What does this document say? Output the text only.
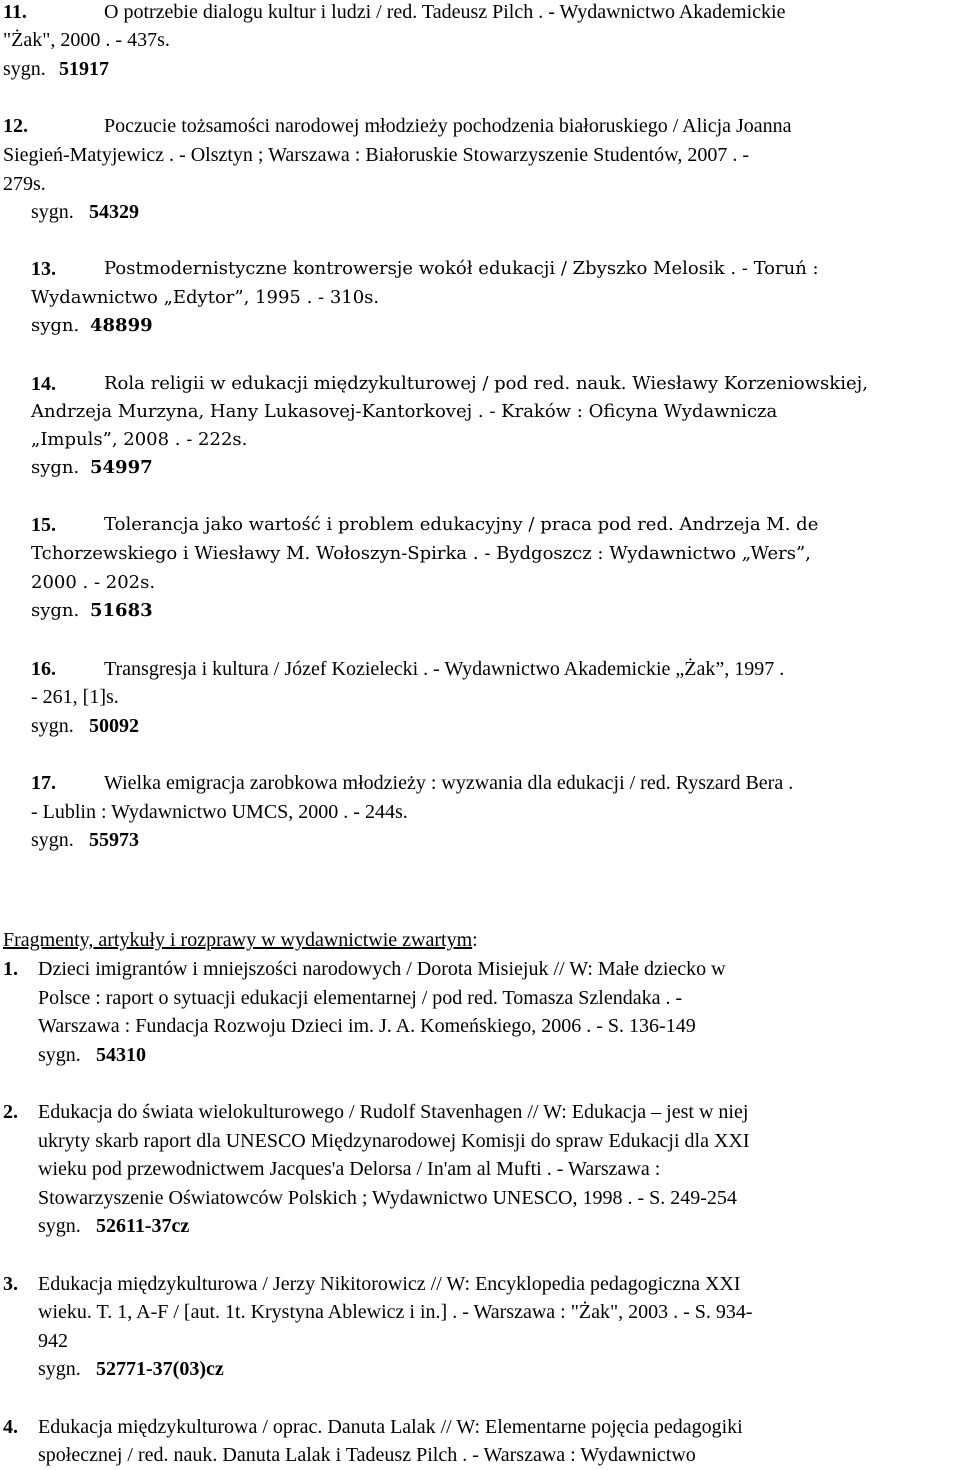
11.	O potrzebie dialogu kultur i ludzi / red. Tadeusz Pilch . - Wydawnictwo Akademickie
"Żak", 2000 . - 437s.
sygn. 51917
12.	Poczucie tożsamości narodowej młodzieży pochodzenia białoruskiego / Alicja Joanna
Siegień-Matyjewicz . - Olsztyn ; Warszawa : Białoruskie Stowarzyszenie Studentów, 2007 . -
279s.
sygn. 54329
13.	Postmodernistyczne kontrowersje wokół edukacji / Zbyszko Melosik . - Toruń :
Wydawnictwo „Edytor”, 1995 . - 310s.
sygn. 48899
14.	Rola religii w edukacji międzykulturowej / pod red. nauk. Wiesławy Korzeniowskiej,
Andrzeja Murzyna, Hany Lukasovej-Kantorkovej . - Kraków : Oficyna Wydawnicza
„Impuls”, 2008 . - 222s.
sygn. 54997
15.	Tolerancja jako wartość i problem edukacyjny / praca pod red. Andrzeja M. de
Tchorzewskiego i Wiesławy M. Wołoszyn-Spirka . - Bydgoszcz : Wydawnictwo „Wers”,
2000 . - 202s.
sygn. 51683
16. Transgresja i kultura / Józef Kozielecki . - Wydawnictwo Akademickie „Żak”, 1997 .
- 261, [1]s.
sygn. 50092
17. Wielka emigracja zarobkowa młodzieży : wyzwania dla edukacji / red. Ryszard Bera .
- Lublin : Wydawnictwo UMCS, 2000 . - 244s.
sygn. 55973
Fragmenty, artykuły i rozprawy w wydawnictwie zwartym:
1. Dzieci imigrantów i mniejszości narodowych / Dorota Misiejuk // W: Małe dziecko w
Polsce : raport o sytuacji edukacji elementarnej / pod red. Tomasza Szlendaka . -
Warszawa : Fundacja Rozwoju Dzieci im. J. A. Komeńskiego, 2006 . - S. 136-149
sygn. 54310
2. Edukacja do świata wielokulturowego / Rudolf Stavenhagen // W: Edukacja – jest w niej
ukryty skarb raport dla UNESCO Międzynarodowej Komisji do spraw Edukacji dla XXI
wieku pod przewodnictwem Jacques'a Delorsa / In'am al Mufti . - Warszawa :
Stowarzyszenie Oświatowców Polskich ; Wydawnictwo UNESCO, 1998 . - S. 249-254
sygn. 52611-37cz
3. Edukacja międzykulturowa / Jerzy Nikitorowicz // W: Encyklopedia pedagogiczna XXI
wieku. T. 1, A-F / [aut. 1t. Krystyna Ablewicz i in.] . - Warszawa : "Żak", 2003 . - S. 934-
942
sygn. 52771-37(03)cz
4. Edukacja międzykulturowa / oprac. Danuta Lalak // W: Elementarne pojęcia pedagogiki
społecznej / red. nauk. Danuta Lalak i Tadeusz Pilch . - Warszawa : Wydawnictwo
